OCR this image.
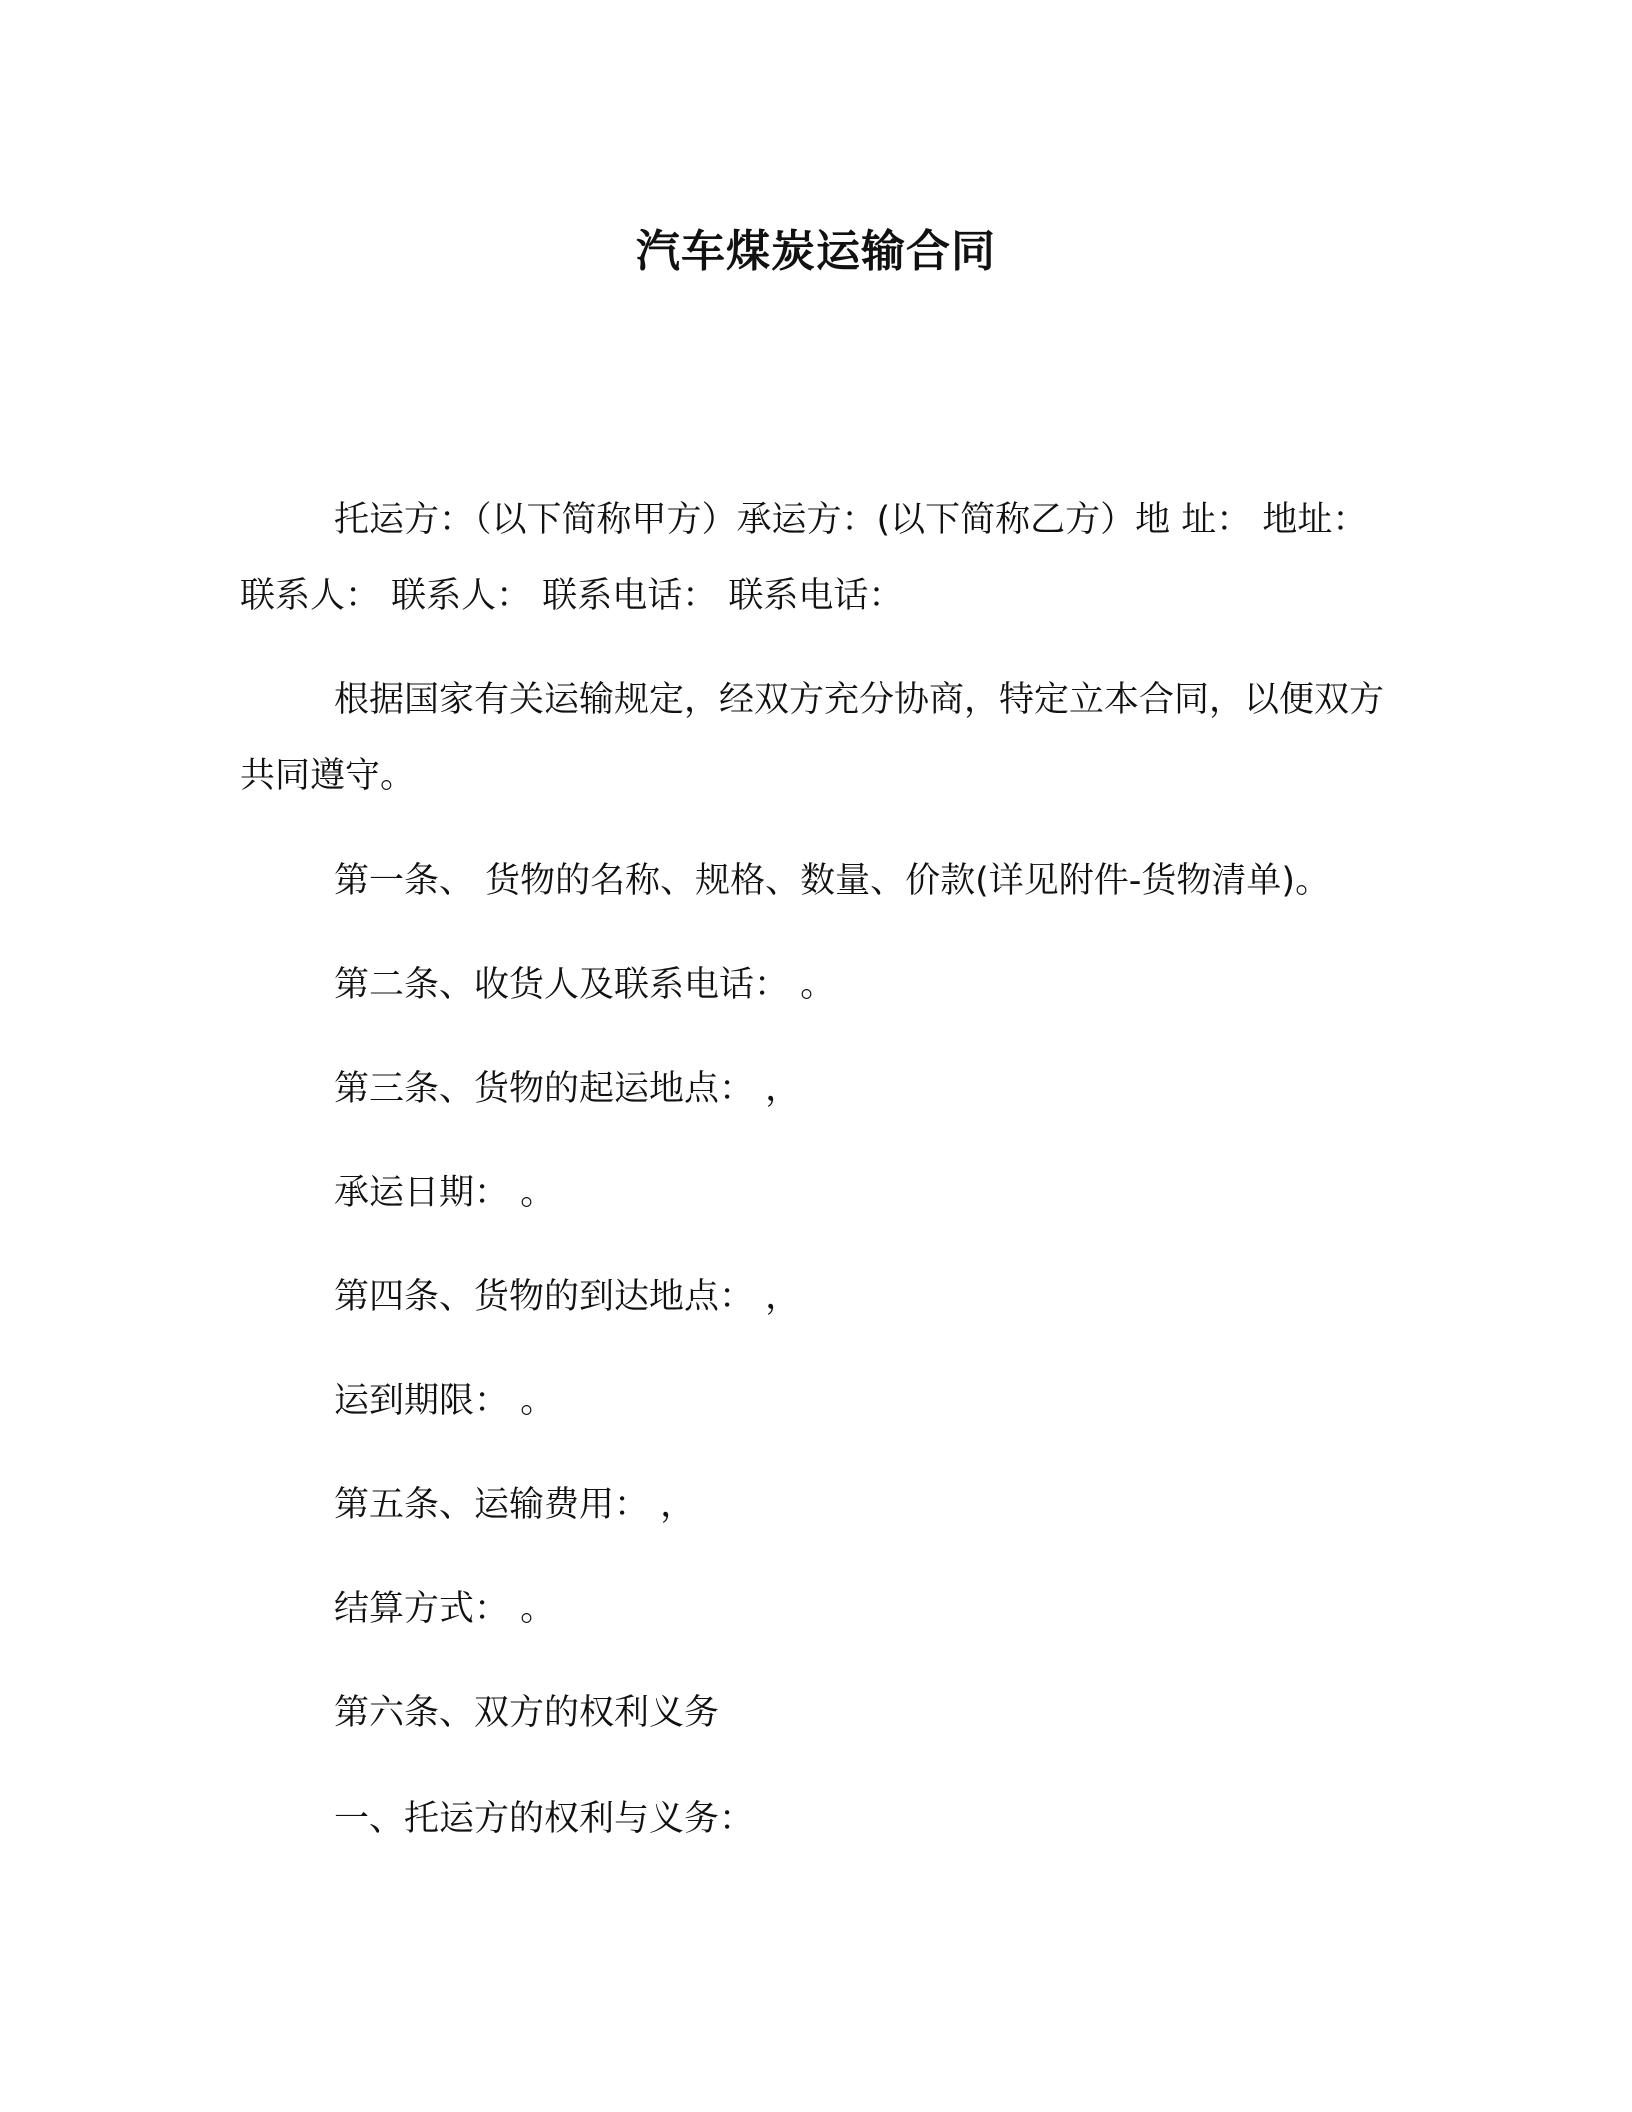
汽车煤炭运输合同
托运方：（以下简称甲方）承运方：(以下简称乙方）地 址： 地址： 联系人： 联系人： 联系电话： 联系电话：
根据国家有关运输规定，经双方充分协商，特定立本合同，以便双方共同遵守。
第一条、 货物的名称、规格、数量、价款(详见附件-货物清单)。
第二条、收货人及联系电话： 。
第三条、货物的起运地点： ，
承运日期： 。
第四条、货物的到达地点： ，
运到期限： 。
第五条、运输费用： ，
结算方式： 。
第六条、双方的权利义务
一、托运方的权利与义务：
